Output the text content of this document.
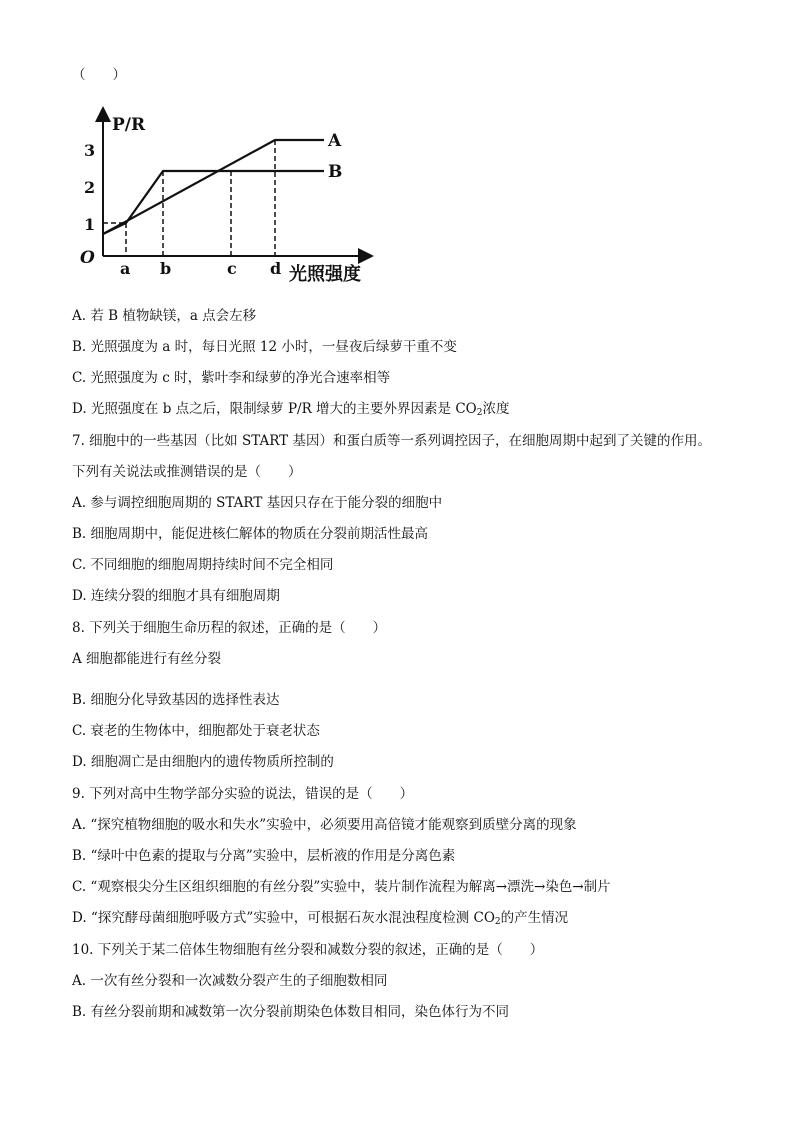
（　　）
P/R
O
3
2
1
a b	c d 光照强度
A
B
A. 若 B 植物缺镁，a 点会左移
B. 光照强度为 a 时，每日光照 12 小时，一昼夜后绿萝干重不变
C. 光照强度为 c 时，紫叶李和绿萝的净光合速率相等
D. 光照强度在 b 点之后，限制绿萝 P/R 增大的主要外界因素是 $CO_2$浓度
7. 细胞中的一些基因（比如 START 基因）和蛋白质等一系列调控因子，在细胞周期中起到了关键的作用。
下列有关说法或推测错误的是（　　）
A. 参与调控细胞周期的 START 基因只存在于能分裂的细胞中
B. 细胞周期中，能促进核仁解体的物质在分裂前期活性最高
C. 不同细胞的细胞周期持续时间不完全相同
D. 连续分裂的细胞才具有细胞周期
8. 下列关于细胞生命历程的叙述，正确的是（　　）
A 细胞都能进行有丝分裂
B. 细胞分化导致基因的选择性表达
C. 衰老的生物体中，细胞都处于衰老状态
D. 细胞凋亡是由细胞内的遗传物质所控制的
9. 下列对高中生物学部分实验的说法，错误的是（　　）
A. “探究植物细胞的吸水和失水”实验中，必须要用高倍镜才能观察到质壁分离的现象
B. “绿叶中色素的提取与分离”实验中，层析液的作用是分离色素
C. “观察根尖分生区组织细胞的有丝分裂”实验中，装片制作流程为解离→漂洗→染色→制片
D. “探究酵母菌细胞呼吸方式”实验中，可根据石灰水混浊程度检测 $CO_2$的产生情况
10. 下列关于某二倍体生物细胞有丝分裂和减数分裂的叙述，正确的是（　　）
A. 一次有丝分裂和一次减数分裂产生的子细胞数相同
B. 有丝分裂前期和减数第一次分裂前期染色体数目相同，染色体行为不同
